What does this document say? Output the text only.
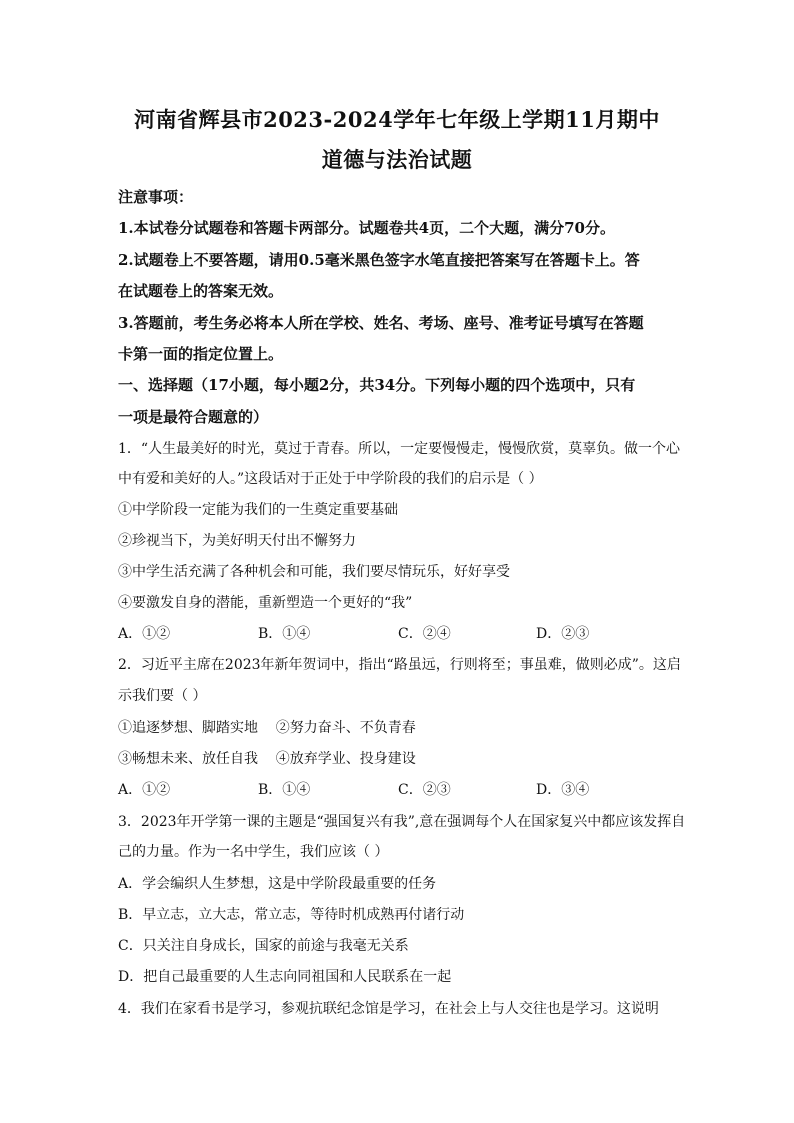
河南省辉县市2023-2024学年七年级上学期11月期中
道德与法治试题
注意事项：
1.本试卷分试题卷和答题卡两部分。试题卷共4页，二个大题，满分70分。
2.试题卷上不要答题，请用0.5毫米黑色签字水笔直接把答案写在答题卡上。答
在试题卷上的答案无效。
3.答题前，考生务必将本人所在学校、姓名、考场、座号、准考证号填写在答题
卡第一面的指定位置上。
一、选择题（17小题，每小题2分，共34分。下列每小题的四个选项中，只有
一项是最符合题意的）
1．“人生最美好的时光，莫过于青春。所以，一定要慢慢走，慢慢欣赏，莫辜负。做一个心
中有爱和美好的人。”这段话对于正处于中学阶段的我们的启示是（ ）
①中学阶段一定能为我们的一生奠定重要基础
②珍视当下，为美好明天付出不懈努力
③中学生活充满了各种机会和可能，我们要尽情玩乐，好好享受
④要激发自身的潜能，重新塑造一个更好的“我”
A．①②	B．①④	C．②④	D．②③
2．习近平主席在2023年新年贺词中，指出“路虽远，行则将至；事虽难，做则必成”。这启
示我们要（ ）
①追逐梦想、脚踏实地    ②努力奋斗、不负青春
③畅想未来、放任自我    ④放弃学业、投身建设
A．①②	B．①④	C．②③	D．③④
3．2023年开学第一课的主题是“强国复兴有我”,意在强调每个人在国家复兴中都应该发挥自
己的力量。作为一名中学生，我们应该（ ）
A．学会编织人生梦想，这是中学阶段最重要的任务
B．早立志，立大志，常立志，等待时机成熟再付诸行动
C．只关注自身成长，国家的前途与我毫无关系
D．把自己最重要的人生志向同祖国和人民联系在一起
4．我们在家看书是学习，参观抗联纪念馆是学习，在社会上与人交往也是学习。这说明
